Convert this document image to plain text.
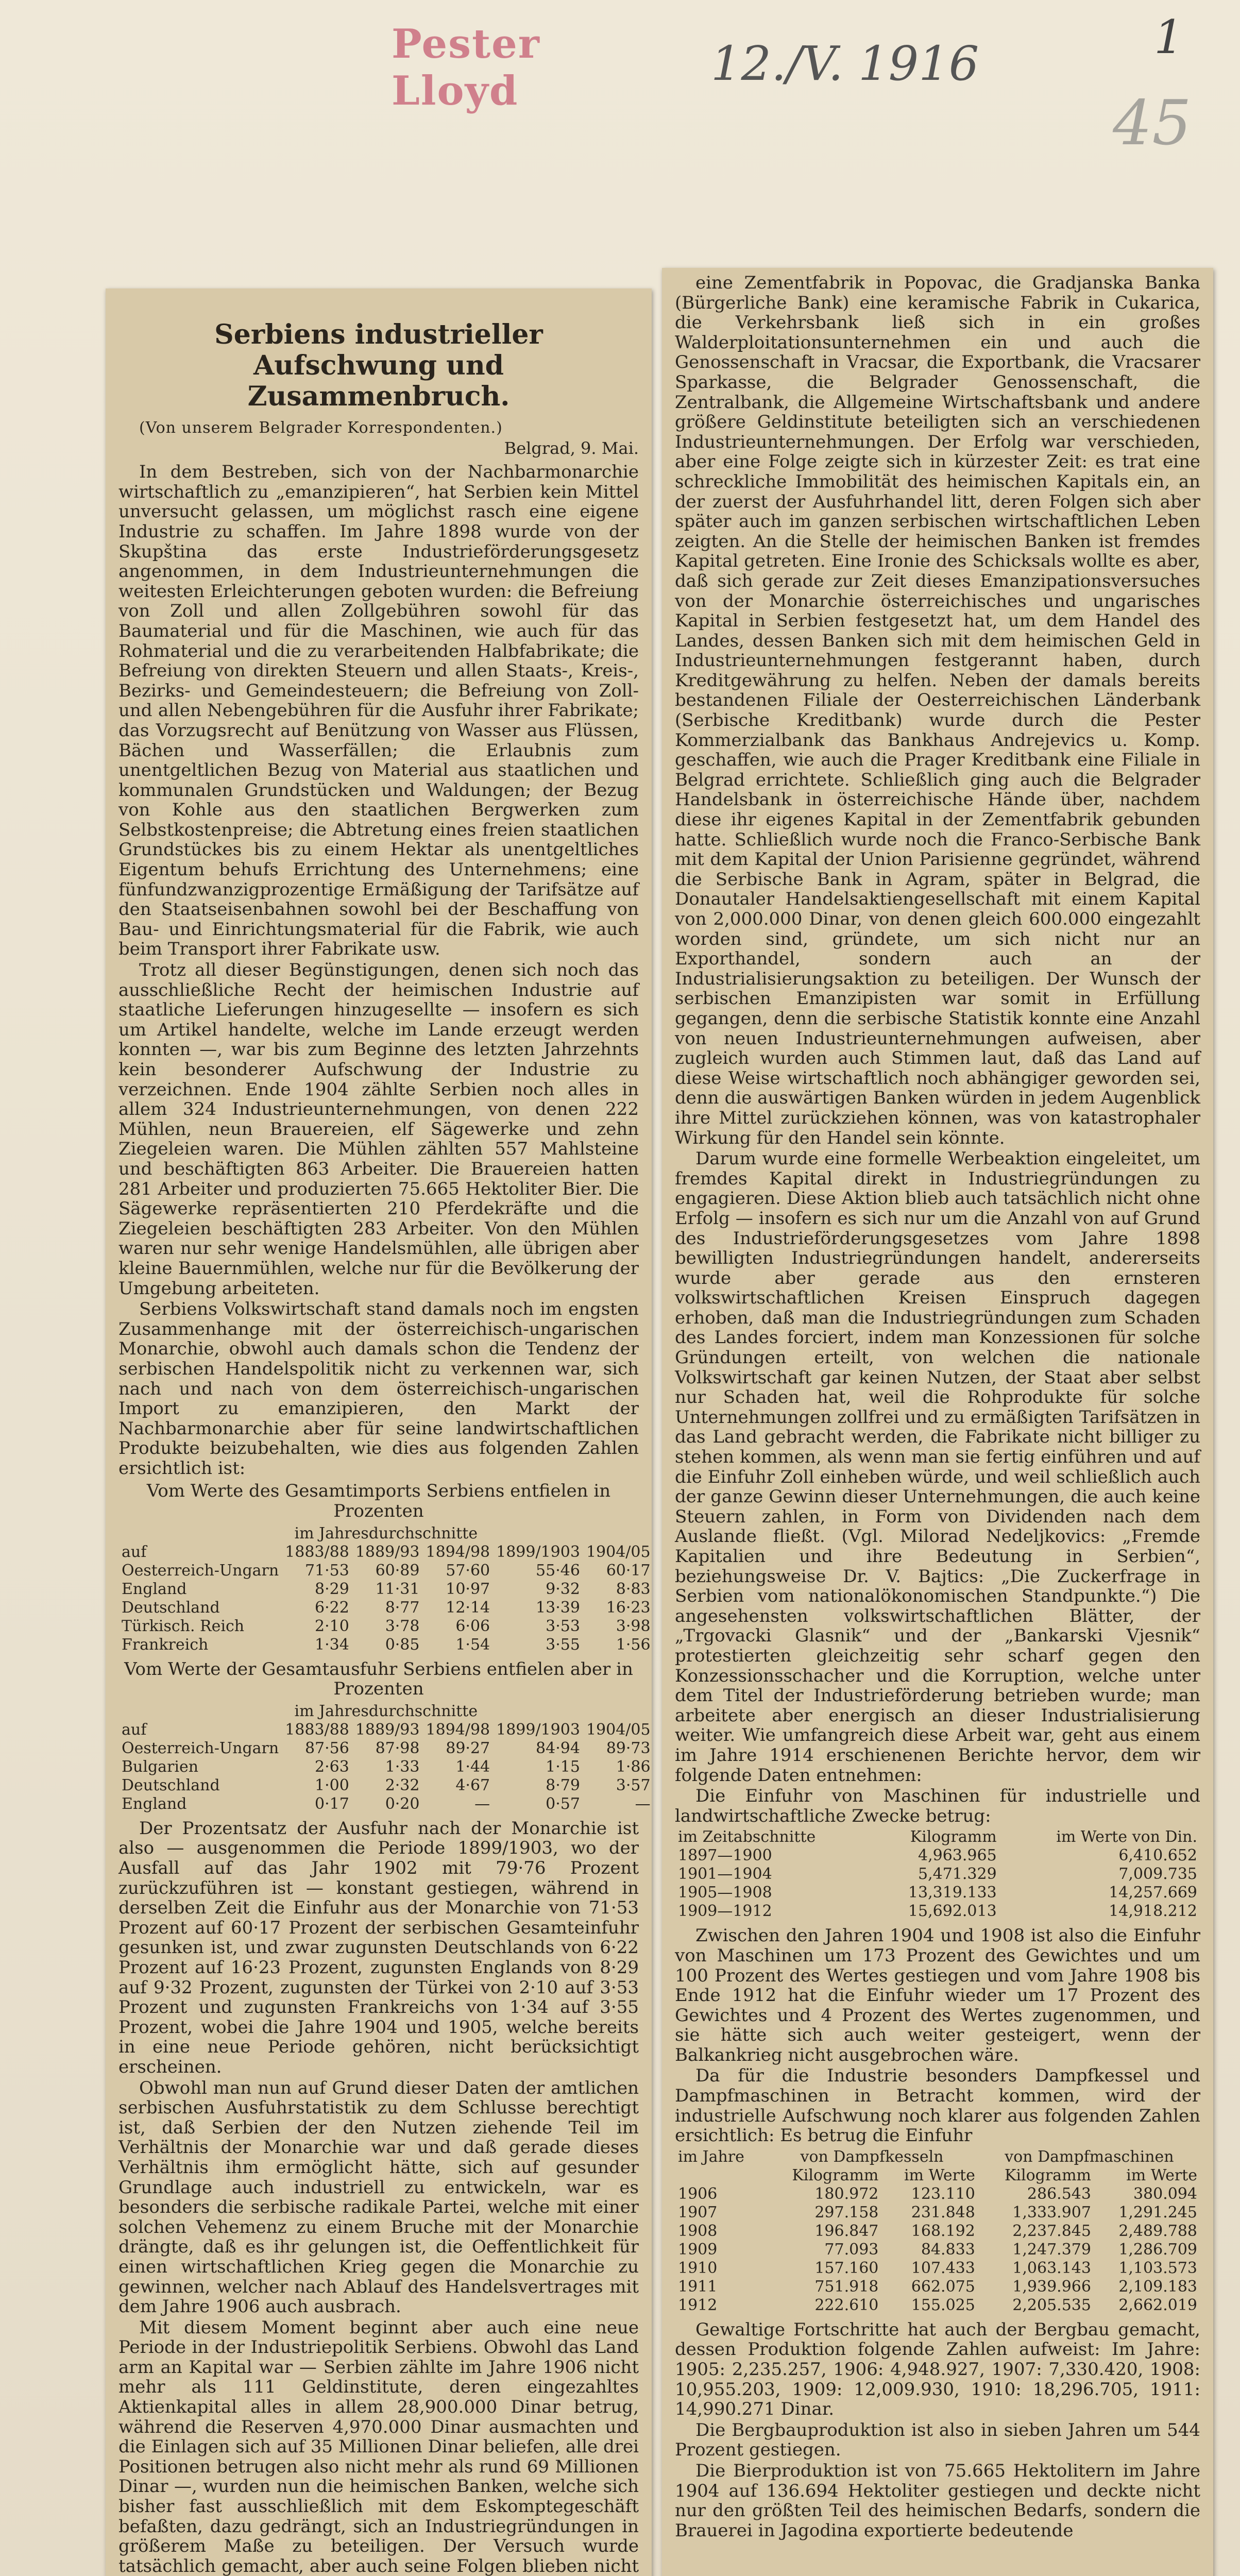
Pester Lloyd	12./V. 1916	1
45
Serbiens industrieller Aufschwung und Zusammenbruch.

(Von unserem Belgrader Korrespondenten.)

Belgrad, 9. Mai.

In dem Bestreben, sich von der Nachbarmonarchie wirtschaftlich zu „emanzipieren“, hat Serbien kein Mittel unversucht gelassen, um möglichst rasch eine eigene Industrie zu schaffen. Im Jahre 1898 wurde von der Skupština das erste Industrieförderungsgesetz angenommen, in dem Industrieunternehmungen die weitesten Erleichterungen geboten wurden: die Befreiung von Zoll und allen Zollgebühren sowohl für das Baumaterial und für die Maschinen, wie auch für das Rohmaterial und die zu verarbeitenden Halbfabrikate; die Befreiung von direkten Steuern und allen Staats-, Kreis-, Bezirks- und Gemeindesteuern; die Befreiung von Zoll- und allen Nebengebühren für die Ausfuhr ihrer Fabrikate; das Vorzugsrecht auf Benützung von Wasser aus Flüssen, Bächen und Wasserfällen; die Erlaubnis zum unentgeltlichen Bezug von Material aus staatlichen und kommunalen Grundstücken und Waldungen; der Bezug von Kohle aus den staatlichen Bergwerken zum Selbstkostenpreise; die Abtretung eines freien staatlichen Grundstückes bis zu einem Hektar als unentgeltliches Eigentum behufs Errichtung des Unternehmens; eine fünfundzwanzigprozentige Ermäßigung der Tarifsätze auf den Staatseisenbahnen sowohl bei der Beschaffung von Bau- und Einrichtungsmaterial für die Fabrik, wie auch beim Transport ihrer Fabrikate usw.

Trotz all dieser Begünstigungen, denen sich noch das ausschließliche Recht der heimischen Industrie auf staatliche Lieferungen hinzugesellte — insofern es sich um Artikel handelte, welche im Lande erzeugt werden konnten —, war bis zum Beginne des letzten Jahrzehnts kein besonderer Aufschwung der Industrie zu verzeichnen. Ende 1904 zählte Serbien noch alles in allem 324 Industrieunternehmungen, von denen 222 Mühlen, neun Brauereien, elf Sägewerke und zehn Ziegeleien waren. Die Mühlen zählten 557 Mahlsteine und beschäftigten 863 Arbeiter. Die Brauereien hatten 281 Arbeiter und produzierten 75.665 Hektoliter Bier. Die Sägewerke repräsentierten 210 Pferdekräfte und die Ziegeleien beschäftigten 283 Arbeiter. Von den Mühlen waren nur sehr wenige Handelsmühlen, alle übrigen aber kleine Bauernmühlen, welche nur für die Bevölkerung der Umgebung arbeiteten.

Serbiens Volkswirtschaft stand damals noch im engsten Zusammenhange mit der österreichisch-ungarischen Monarchie, obwohl auch damals schon die Tendenz der serbischen Handelspolitik nicht zu verkennen war, sich nach und nach von dem österreichisch-ungarischen Import zu emanzipieren, den Markt der Nachbarmonarchie aber für seine landwirtschaftlichen Produkte beizubehalten, wie dies aus folgenden Zahlen ersichtlich ist:

Vom Werte des Gesamtimports Serbiens entfielen in Prozenten

im Jahresdurchschnitte					
auf	1883/88	1889/93	1894/98	1899/1903	1904/05
Oesterreich-Ungarn	71·53	60·89	57·60	55·46	60·17
England	8·29	11·31	10·97	9·32	8·83
Deutschland	6·22	8·77	12·14	13·39	16·23
Türkisch. Reich	2·10	3·78	6·06	3·53	3·98
Frankreich	1·34	0·85	1·54	3·55	1·56

Vom Werte der Gesamtausfuhr Serbiens entfielen aber in Prozenten

im Jahresdurchschnitte					
auf	1883/88	1889/93	1894/98	1899/1903	1904/05
Oesterreich-Ungarn	87·56	87·98	89·27	84·94	89·73
Bulgarien	2·63	1·33	1·44	1·15	1·86
Deutschland	1·00	2·32	4·67	8·79	3·57
England	0·17	0·20	—	0·57	—

Der Prozentsatz der Ausfuhr nach der Monarchie ist also — ausgenommen die Periode 1899/1903, wo der Ausfall auf das Jahr 1902 mit 79·76 Prozent zurückzuführen ist — konstant gestiegen, während in derselben Zeit die Einfuhr aus der Monarchie von 71·53 Prozent auf 60·17 Prozent der serbischen Gesamteinfuhr gesunken ist, und zwar zugunsten Deutschlands von 6·22 Prozent auf 16·23 Prozent, zugunsten Englands von 8·29 auf 9·32 Prozent, zugunsten der Türkei von 2·10 auf 3·53 Prozent und zugunsten Frankreichs von 1·34 auf 3·55 Prozent, wobei die Jahre 1904 und 1905, welche bereits in eine neue Periode gehören, nicht berücksichtigt erscheinen.

Obwohl man nun auf Grund dieser Daten der amtlichen serbischen Ausfuhrstatistik zu dem Schlusse berechtigt ist, daß Serbien der den Nutzen ziehende Teil im Verhältnis der Monarchie war und daß gerade dieses Verhältnis ihm ermöglicht hätte, sich auf gesunder Grundlage auch industriell zu entwickeln, war es besonders die serbische radikale Partei, welche mit einer solchen Vehemenz zu einem Bruche mit der Monarchie drängte, daß es ihr gelungen ist, die Oeffentlichkeit für einen wirtschaftlichen Krieg gegen die Monarchie zu gewinnen, welcher nach Ablauf des Handelsvertrages mit dem Jahre 1906 auch ausbrach.

Mit diesem Moment beginnt aber auch eine neue Periode in der Industriepolitik Serbiens. Obwohl das Land arm an Kapital war — Serbien zählte im Jahre 1906 nicht mehr als 111 Geldinstitute, deren eingezahltes Aktienkapital alles in allem 28,900.000 Dinar betrug, während die Reserven 4,970.000 Dinar ausmachten und die Einlagen sich auf 35 Millionen Dinar beliefen, alle drei Positionen betrugen also nicht mehr als rund 69 Millionen Dinar —, wurden nun die heimischen Banken, welche sich bisher fast ausschließlich mit dem Eskomptegeschäft befaßten, dazu gedrängt, sich an Industriegründungen in größerem Maße zu beteiligen. Der Versuch wurde tatsächlich gemacht, aber auch seine Folgen blieben nicht

eine Zementfabrik in Popovac, die Gradjanska Banka (Bürgerliche Bank) eine keramische Fabrik in Cukarica, die Verkehrsbank ließ sich in ein großes Walderploitationsunternehmen ein und auch die Genossenschaft in Vracsar, die Exportbank, die Vracsarer Sparkasse, die Belgrader Genossenschaft, die Zentralbank, die Allgemeine Wirtschaftsbank und andere größere Geldinstitute beteiligten sich an verschiedenen Industrieunternehmungen. Der Erfolg war verschieden, aber eine Folge zeigte sich in kürzester Zeit: es trat eine schreckliche Immobilität des heimischen Kapitals ein, an der zuerst der Ausfuhrhandel litt, deren Folgen sich aber später auch im ganzen serbischen wirtschaftlichen Leben zeigten. An die Stelle der heimischen Banken ist fremdes Kapital getreten. Eine Ironie des Schicksals wollte es aber, daß sich gerade zur Zeit dieses Emanzipationsversuches von der Monarchie österreichisches und ungarisches Kapital in Serbien festgesetzt hat, um dem Handel des Landes, dessen Banken sich mit dem heimischen Geld in Industrieunternehmungen festgerannt haben, durch Kreditgewährung zu helfen. Neben der damals bereits bestandenen Filiale der Oesterreichischen Länderbank (Serbische Kreditbank) wurde durch die Pester Kommerzialbank das Bankhaus Andrejevics u. Komp. geschaffen, wie auch die Prager Kreditbank eine Filiale in Belgrad errichtete. Schließlich ging auch die Belgrader Handelsbank in österreichische Hände über, nachdem diese ihr eigenes Kapital in der Zementfabrik gebunden hatte. Schließlich wurde noch die Franco-Serbische Bank mit dem Kapital der Union Parisienne gegründet, während die Serbische Bank in Agram, später in Belgrad, die Donautaler Handelsaktiengesellschaft mit einem Kapital von 2,000.000 Dinar, von denen gleich 600.000 eingezahlt worden sind, gründete, um sich nicht nur an Exporthandel, sondern auch an der Industrialisierungsaktion zu beteiligen. Der Wunsch der serbischen Emanzipisten war somit in Erfüllung gegangen, denn die serbische Statistik konnte eine Anzahl von neuen Industrieunternehmungen aufweisen, aber zugleich wurden auch Stimmen laut, daß das Land auf diese Weise wirtschaftlich noch abhängiger geworden sei, denn die auswärtigen Banken würden in jedem Augenblick ihre Mittel zurückziehen können, was von katastrophaler Wirkung für den Handel sein könnte.

Darum wurde eine formelle Werbeaktion eingeleitet, um fremdes Kapital direkt in Industriegründungen zu engagieren. Diese Aktion blieb auch tatsächlich nicht ohne Erfolg — insofern es sich nur um die Anzahl von auf Grund des Industrieförderungsgesetzes vom Jahre 1898 bewilligten Industriegründungen handelt, andererseits wurde aber gerade aus den ernsteren volkswirtschaftlichen Kreisen Einspruch dagegen erhoben, daß man die Industriegründungen zum Schaden des Landes forciert, indem man Konzessionen für solche Gründungen erteilt, von welchen die nationale Volkswirtschaft gar keinen Nutzen, der Staat aber selbst nur Schaden hat, weil die Rohprodukte für solche Unternehmungen zollfrei und zu ermäßigten Tarifsätzen in das Land gebracht werden, die Fabrikate nicht billiger zu stehen kommen, als wenn man sie fertig einführen und auf die Einfuhr Zoll einheben würde, und weil schließlich auch der ganze Gewinn dieser Unternehmungen, die auch keine Steuern zahlen, in Form von Dividenden nach dem Auslande fließt. (Vgl. Milorad Nedeljkovics: „Fremde Kapitalien und ihre Bedeutung in Serbien“, beziehungsweise Dr. V. Bajtics: „Die Zuckerfrage in Serbien vom nationalökonomischen Standpunkte.“) Die angesehensten volkswirtschaftlichen Blätter, der „Trgovacki Glasnik“ und der „Bankarski Vjesnik“ protestierten gleichzeitig sehr scharf gegen den Konzessionsschacher und die Korruption, welche unter dem Titel der Industrieförderung betrieben wurde; man arbeitete aber energisch an dieser Industrialisierung weiter. Wie umfangreich diese Arbeit war, geht aus einem im Jahre 1914 erschienenen Berichte hervor, dem wir folgende Daten entnehmen:

Die Einfuhr von Maschinen für industrielle und landwirtschaftliche Zwecke betrug:

im Zeitabschnitte	Kilogramm	im Werte von Din.
1897—1900	4,963.965	6,410.652
1901—1904	5,471.329	7,009.735
1905—1908	13,319.133	14,257.669
1909—1912	15,692.013	14,918.212

Zwischen den Jahren 1904 und 1908 ist also die Einfuhr von Maschinen um 173 Prozent des Gewichtes und um 100 Prozent des Wertes gestiegen und vom Jahre 1908 bis Ende 1912 hat die Einfuhr wieder um 17 Prozent des Gewichtes und 4 Prozent des Wertes zugenommen, und sie hätte sich auch weiter gesteigert, wenn der Balkankrieg nicht ausgebrochen wäre.

Da für die Industrie besonders Dampfkessel und Dampfmaschinen in Betracht kommen, wird der industrielle Aufschwung noch klarer aus folgenden Zahlen ersichtlich: Es betrug die Einfuhr

im Jahre	von Dampfkesseln		von Dampfmaschinen	
	Kilogramm	im Werte	Kilogramm	im Werte
1906	180.972	123.110	286.543	380.094
1907	297.158	231.848	1,333.907	1,291.245
1908	196.847	168.192	2,237.845	2,489.788
1909	77.093	84.833	1,247.379	1,286.709
1910	157.160	107.433	1,063.143	1,103.573
1911	751.918	662.075	1,939.966	2,109.183
1912	222.610	155.025	2,205.535	2,662.019

Gewaltige Fortschritte hat auch der Bergbau gemacht, dessen Produktion folgende Zahlen aufweist: Im Jahre: 1905: 2,235.257, 1906: 4,948.927, 1907: 7,330.420, 1908: 10,955.203, 1909: 12,009.930, 1910: 18,296.705, 1911: 14,990.271 Dinar.

Die Bergbauproduktion ist also in sieben Jahren um 544 Prozent gestiegen.

Die Bierproduktion ist von 75.665 Hektolitern im Jahre 1904 auf 136.694 Hektoliter gestiegen und deckte nicht nur den größten Teil des heimischen Bedarfs, sondern die Brauerei in Jagodina exportierte bedeutende
